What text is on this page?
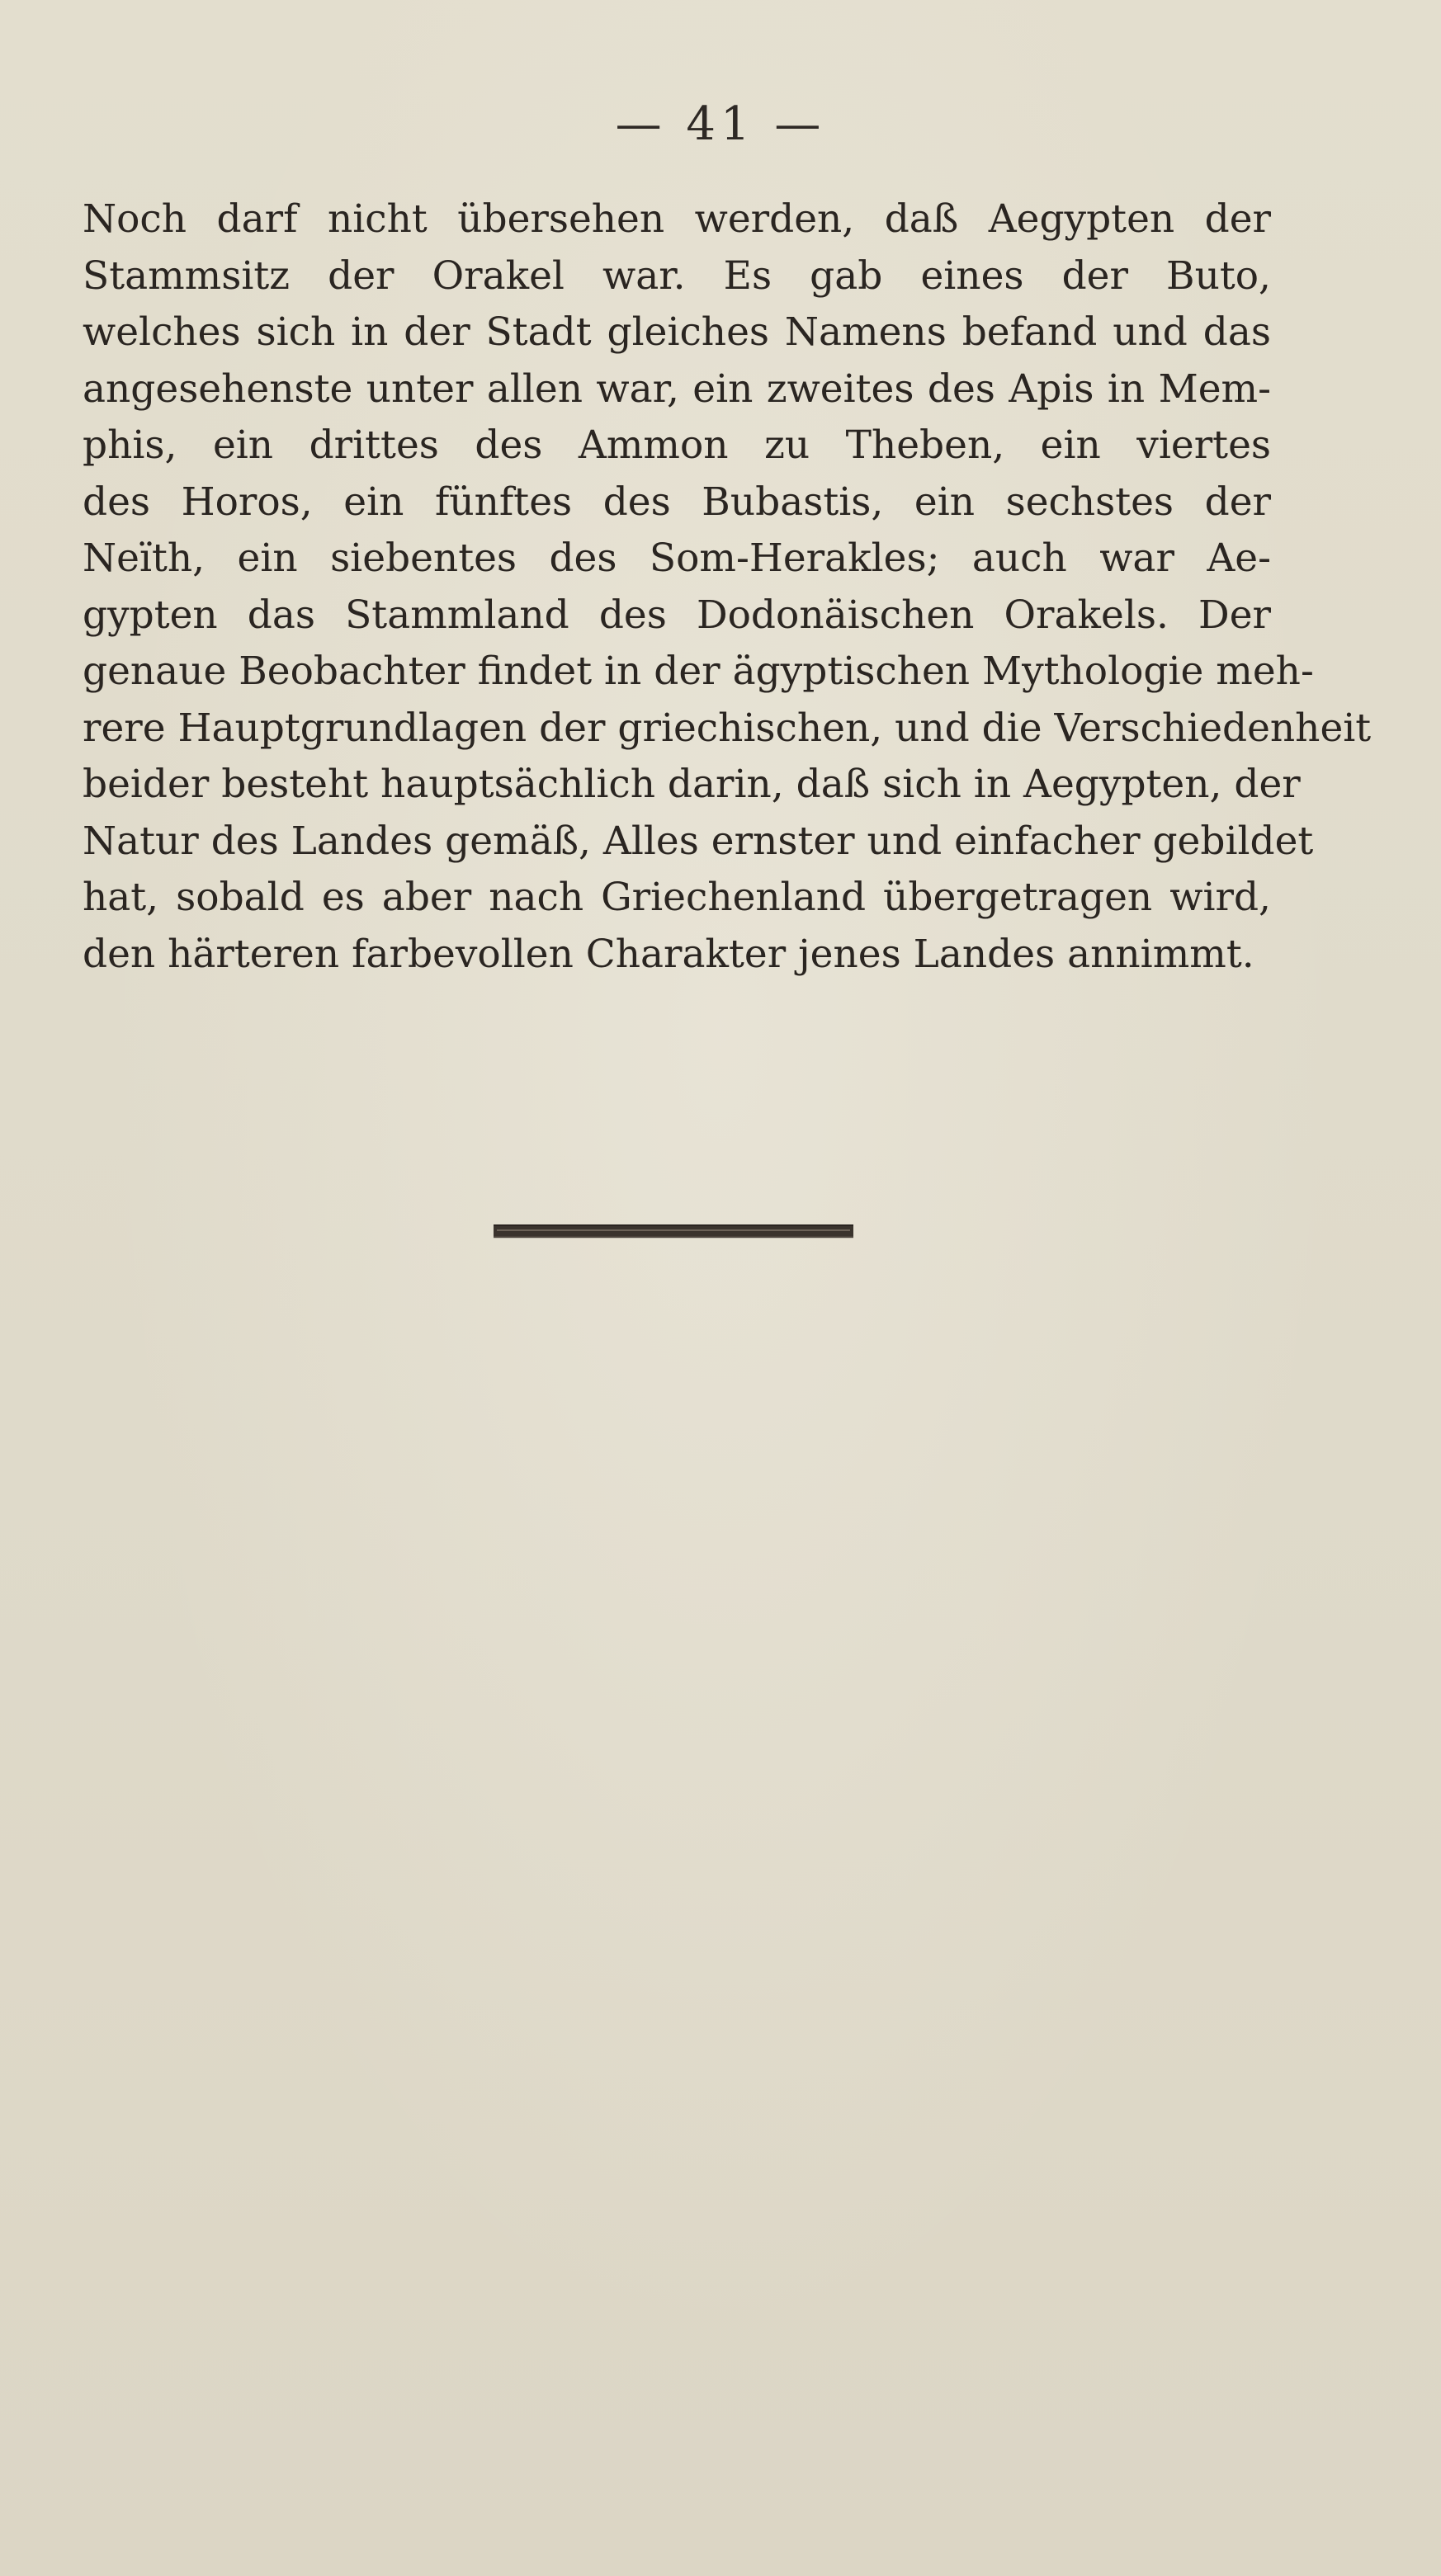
— 41 —
Noch darf nicht übersehen werden, daß Aegypten der
Stammsitz der Orakel war. Es gab eines der Buto,
welches sich in der Stadt gleiches Namens befand und das
angesehenste unter allen war, ein zweites des Apis in Mem-
phis, ein drittes des Ammon zu Theben, ein viertes
des Horos, ein fünftes des Bubastis, ein sechstes der
Neïth, ein siebentes des Som-Herakles; auch war Ae-
gypten das Stammland des Dodonäischen Orakels. Der
genaue Beobachter findet in der ägyptischen Mythologie meh-
rere Hauptgrundlagen der griechischen, und die Verschiedenheit
beider besteht hauptsächlich darin, daß sich in Aegypten, der
Natur des Landes gemäß, Alles ernster und einfacher gebildet
hat, sobald es aber nach Griechenland übergetragen wird,
den härteren farbevollen Charakter jenes Landes annimmt.
